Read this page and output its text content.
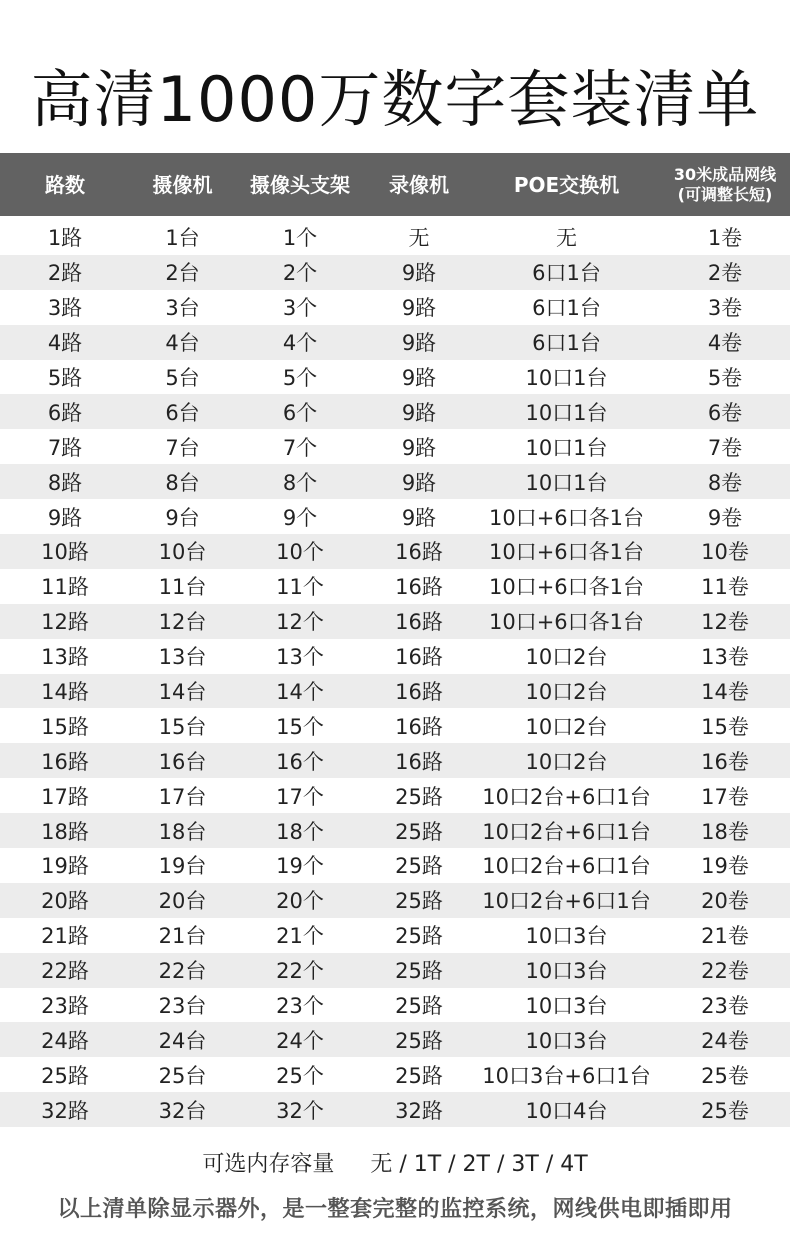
高清1000万数字套装清单
路数	摄像机	摄像头支架	录像机	POE交换机	30米成品网线
(可调整长短)
1路	1台	1个	无	无	1卷
2路	2台	2个	9路	6口1台	2卷
3路	3台	3个	9路	6口1台	3卷
4路	4台	4个	9路	6口1台	4卷
5路	5台	5个	9路	10口1台	5卷
6路	6台	6个	9路	10口1台	6卷
7路	7台	7个	9路	10口1台	7卷
8路	8台	8个	9路	10口1台	8卷
9路	9台	9个	9路	10口+6口各1台	9卷
10路	10台	10个	16路	10口+6口各1台	10卷
11路	11台	11个	16路	10口+6口各1台	11卷
12路	12台	12个	16路	10口+6口各1台	12卷
13路	13台	13个	16路	10口2台	13卷
14路	14台	14个	16路	10口2台	14卷
15路	15台	15个	16路	10口2台	15卷
16路	16台	16个	16路	10口2台	16卷
17路	17台	17个	25路	10口2台+6口1台	17卷
18路	18台	18个	25路	10口2台+6口1台	18卷
19路	19台	19个	25路	10口2台+6口1台	19卷
20路	20台	20个	25路	10口2台+6口1台	20卷
21路	21台	21个	25路	10口3台	21卷
22路	22台	22个	25路	10口3台	22卷
23路	23台	23个	25路	10口3台	23卷
24路	24台	24个	25路	10口3台	24卷
25路	25台	25个	25路	10口3台+6口1台	25卷
32路	32台	32个	32路	10口4台	25卷
可选内存容量 无 / 1T / 2T / 3T / 4T
以上清单除显示器外，是一整套完整的监控系统，网线供电即插即用
